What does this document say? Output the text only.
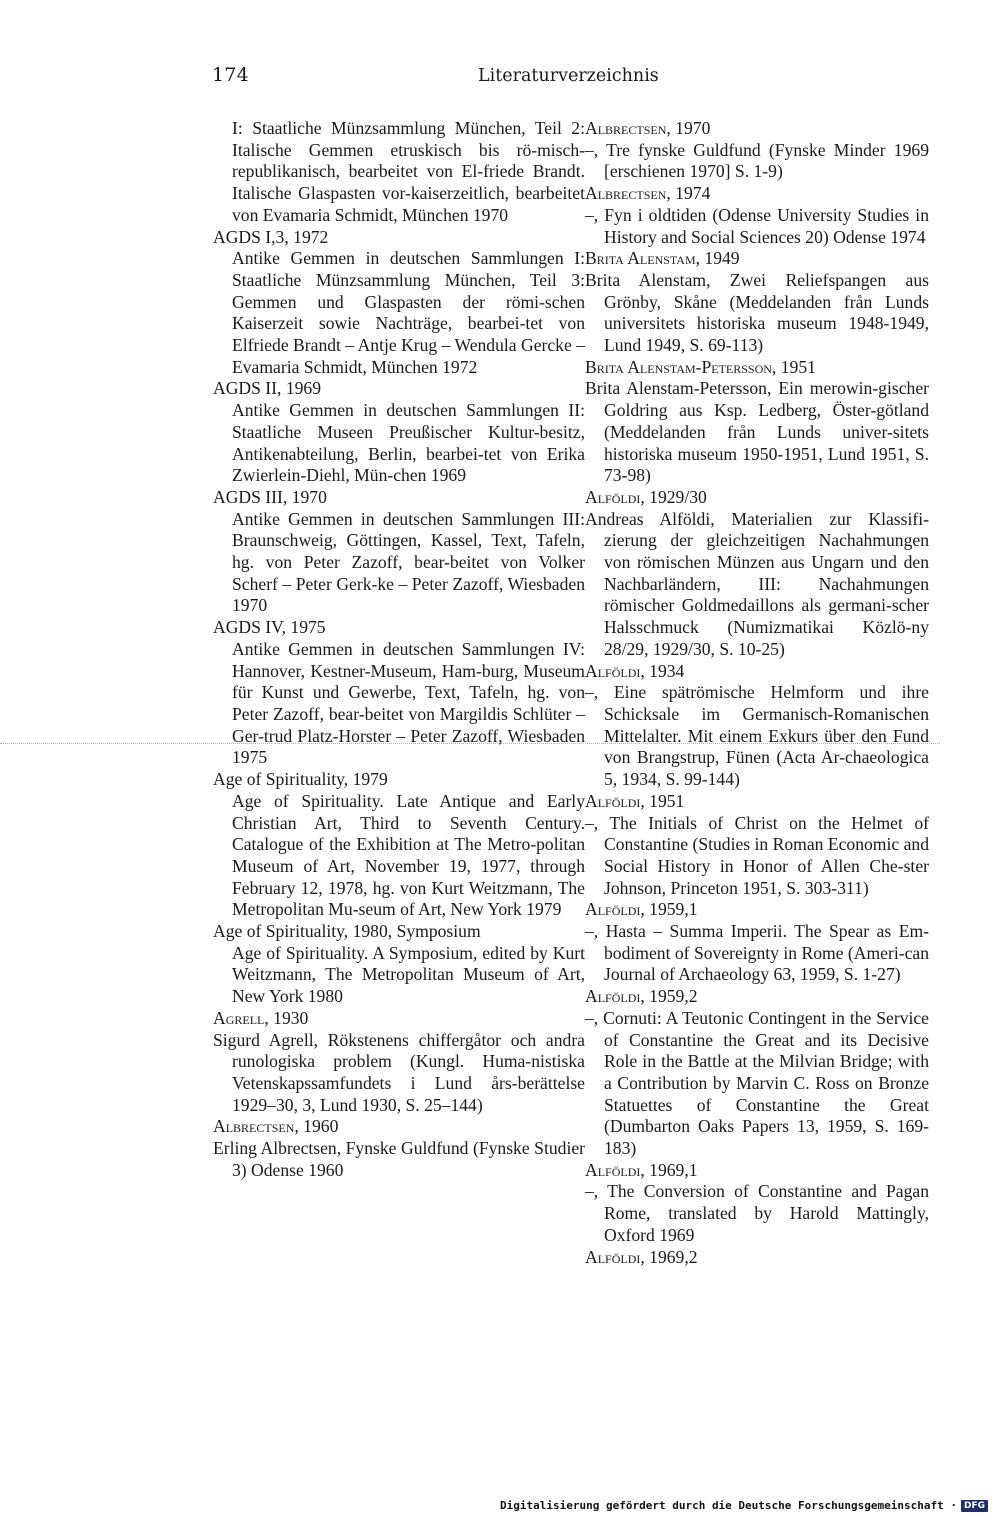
174	Literaturverzeichnis

I: Staatliche Münzsammlung München, Teil 2: Italische Gemmen etruskisch bis rö-misch-republikanisch, bearbeitet von El-friede Brandt. Italische Glaspasten vor-kaiserzeitlich, bearbeitet von Evamaria Schmidt, München 1970

AGDS I,3, 1972
Antike Gemmen in deutschen Sammlungen I: Staatliche Münzsammlung München, Teil 3: Gemmen und Glaspasten der römi-schen Kaiserzeit sowie Nachträge, bearbei-tet von Elfriede Brandt – Antje Krug – Wendula Gercke – Evamaria Schmidt, München 1972

AGDS II, 1969
Antike Gemmen in deutschen Sammlungen II: Staatliche Museen Preußischer Kultur-besitz, Antikenabteilung, Berlin, bearbei-tet von Erika Zwierlein-Diehl, Mün-chen 1969

AGDS III, 1970
Antike Gemmen in deutschen Sammlungen III: Braunschweig, Göttingen, Kassel, Text, Tafeln, hg. von Peter Zazoff, bear-beitet von Volker Scherf – Peter Gerk-ke – Peter Zazoff, Wiesbaden 1970

AGDS IV, 1975
Antike Gemmen in deutschen Sammlungen IV: Hannover, Kestner-Museum, Ham-burg, Museum für Kunst und Gewerbe, Text, Tafeln, hg. von Peter Zazoff, bear-beitet von Margildis Schlüter – Ger-trud Platz-Horster – Peter Zazoff, Wiesbaden 1975

Age of Spirituality, 1979
Age of Spirituality. Late Antique and Early Christian Art, Third to Seventh Century. Catalogue of the Exhibition at The Metro-politan Museum of Art, November 19, 1977, through February 12, 1978, hg. von Kurt Weitzmann, The Metropolitan Mu-seum of Art, New York 1979

Age of Spirituality, 1980, Symposium
Age of Spirituality. A Symposium, edited by Kurt Weitzmann, The Metropolitan Museum of Art, New York 1980

Agrell, 1930
Sigurd Agrell, Rökstenens chiffergåtor och andra runologiska problem (Kungl. Huma-nistiska Vetenskapssamfundets i Lund års-berättelse 1929–30, 3, Lund 1930, S. 25–144)

Albrectsen, 1960
Erling Albrectsen, Fynske Guldfund (Fynske Studier 3) Odense 1960

Albrectsen, 1970
–, Tre fynske Guldfund (Fynske Minder 1969 [erschienen 1970] S. 1-9)

Albrectsen, 1974
–, Fyn i oldtiden (Odense University Studies in History and Social Sciences 20) Odense 1974

Brita Alenstam, 1949
Brita Alenstam, Zwei Reliefspangen aus Grönby, Skåne (Meddelanden från Lunds universitets historiska museum 1948-1949, Lund 1949, S. 69-113)

Brita Alenstam-Petersson, 1951
Brita Alenstam-Petersson, Ein merowin-gischer Goldring aus Ksp. Ledberg, Öster-götland (Meddelanden från Lunds univer-sitets historiska museum 1950-1951, Lund 1951, S. 73-98)

Alföldi, 1929/30
Andreas Alföldi, Materialien zur Klassifi-zierung der gleichzeitigen Nachahmungen von römischen Münzen aus Ungarn und den Nachbarländern, III: Nachahmungen römischer Goldmedaillons als germani-scher Halsschmuck (Numizmatikai Közlö-ny 28/29, 1929/30, S. 10-25)

Alföldi, 1934
–, Eine spätrömische Helmform und ihre Schicksale im Germanisch-Romanischen Mittelalter. Mit einem Exkurs über den Fund von Brangstrup, Fünen (Acta Ar-chaeologica 5, 1934, S. 99-144)

Alföldi, 1951
–, The Initials of Christ on the Helmet of Constantine (Studies in Roman Economic and Social History in Honor of Allen Che-ster Johnson, Princeton 1951, S. 303-311)

Alföldi, 1959,1
–, Hasta – Summa Imperii. The Spear as Em-bodiment of Sovereignty in Rome (Ameri-can Journal of Archaeology 63, 1959, S. 1-27)

Alföldi, 1959,2
–, Cornuti: A Teutonic Contingent in the Service of Constantine the Great and its Decisive Role in the Battle at the Milvian Bridge; with a Contribution by Marvin C. Ross on Bronze Statuettes of Constantine the Great (Dumbarton Oaks Papers 13, 1959, S. 169-183)

Alföldi, 1969,1
–, The Conversion of Constantine and Pagan Rome, translated by Harold Mattingly, Oxford 1969

Alföldi, 1969,2

Digitalisierung gefördert durch die Deutsche Forschungsgemeinschaft · DFG
